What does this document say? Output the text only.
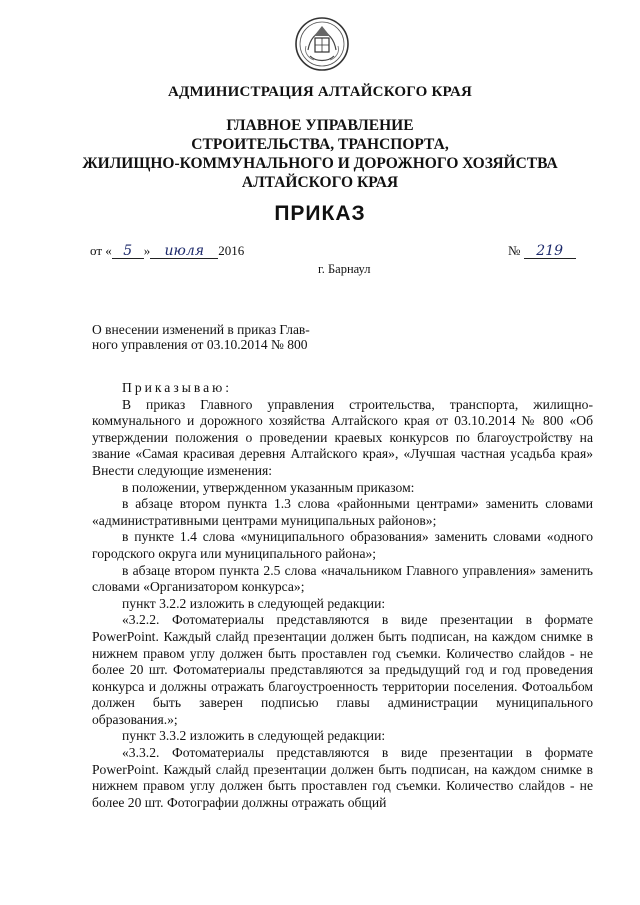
АДМИНИСТРАЦИЯ АЛТАЙСКОГО КРАЯ
ГЛАВНОЕ УПРАВЛЕНИЕ
СТРОИТЕЛЬСТВА, ТРАНСПОРТА,
ЖИЛИЩНО-КОММУНАЛЬНОГО И ДОРОЖНОГО ХОЗЯЙСТВА
АЛТАЙСКОГО КРАЯ
ПРИКАЗ
от « 5 » июля 2016	№ 219
г. Барнаул
О внесении изменений в приказ Глав-
ного управления от 03.10.2014 № 800

Приказываю:

В приказ Главного управления строительства, транспорта, жилищно-коммунального и дорожного хозяйства Алтайского края от 03.10.2014 № 800 «Об утверждении положения о проведении краевых конкурсов по благоустройству на звание «Самая красивая деревня Алтайского края», «Лучшая частная усадьба края» Внести следующие изменения:

в положении, утвержденном указанным приказом:

в абзаце втором пункта 1.3 слова «районными центрами» заменить словами «административными центрами муниципальных районов»;

в пункте 1.4 слова «муниципального образования» заменить словами «одного городского округа или муниципального района»;

в абзаце втором пункта 2.5 слова «начальником Главного управления» заменить словами «Организатором конкурса»;

пункт 3.2.2 изложить в следующей редакции:

«3.2.2. Фотоматериалы представляются в виде презентации в формате PowerPoint. Каждый слайд презентации должен быть подписан, на каждом снимке в нижнем правом углу должен быть проставлен год съемки. Количество слайдов - не более 20 шт. Фотоматериалы представляются за предыдущий год и год проведения конкурса и должны отражать благоустроенность территории поселения. Фотоальбом должен быть заверен подписью главы администрации муниципального образования.»;

пункт 3.3.2 изложить в следующей редакции:

«3.3.2. Фотоматериалы представляются в виде презентации в формате PowerPoint. Каждый слайд презентации должен быть подписан, на каждом снимке в нижнем правом углу должен быть проставлен год съемки. Количество слайдов - не более 20 шт. Фотографии должны отражать общий
